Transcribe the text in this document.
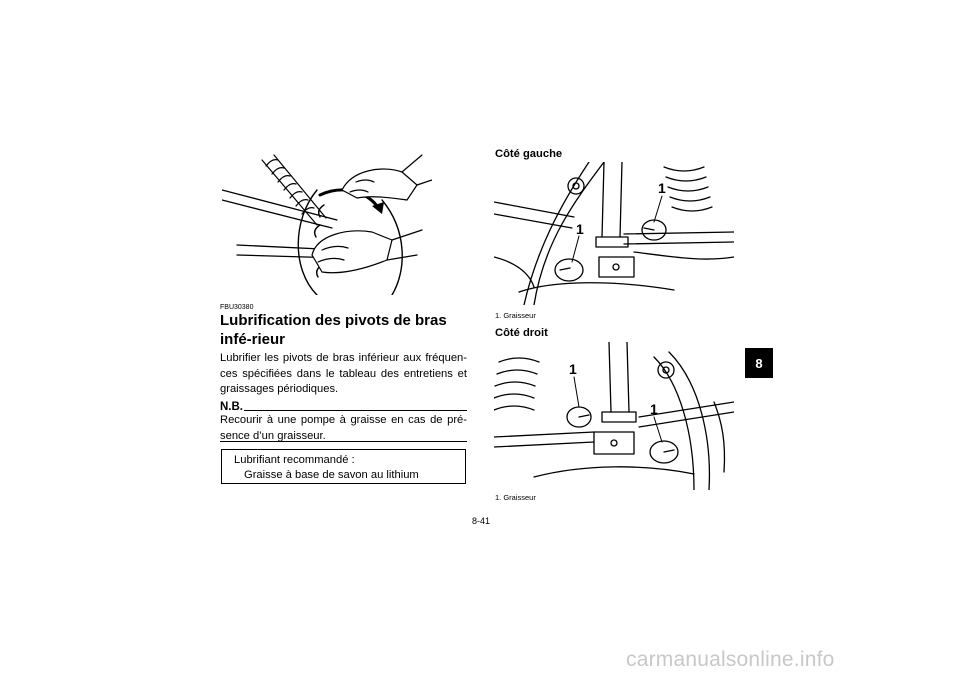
8
FBU30380
Lubrification des pivots de bras infé-rieur
Lubrifier les pivots de bras inférieur aux fréquen-ces spécifiées dans le tableau des entretiens et graissages périodiques.
N.B.
Recourir à une pompe à graisse en cas de pré-sence d’un graisseur.
Lubrifiant recommandé :
Graisse à base de savon au lithium
Côté gauche
1
1
1. Graisseur
Côté droit
1
1
1. Graisseur
8-41
carmanualsonline.info
